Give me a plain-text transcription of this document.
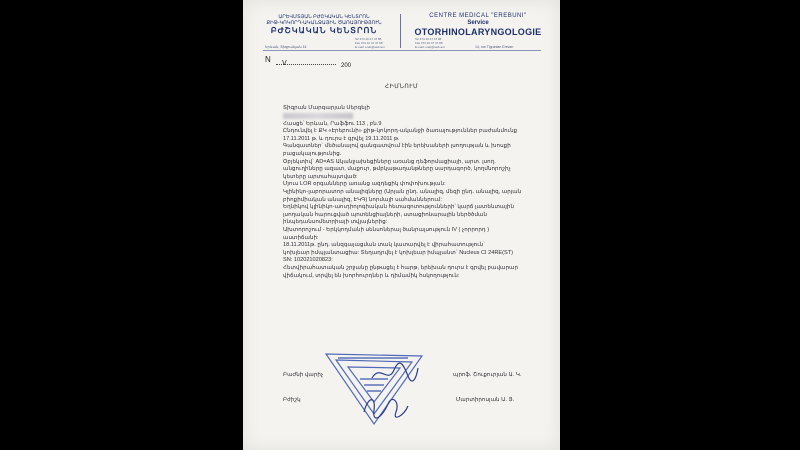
ԱՐԵՎՄՏՅԱՆ ԲԺՇԿԱԿԱՆ ԿԵՆՏՐՈՆ
ՔԻԹ-ԿՈԿՈՐԴ-ԱԿԱՆՋԱՅԻՆ ԾԱՌԱՅՈՒԹՅՈՒՆ
ԲԺՇԿԱԿԱՆ ԿԵՆՏՐՈՆ
CENTRE MEDICAL "EREBUNI"
Service
OTORHINOLARYNGOLOGIE
Tel 374 10 47 47 88
Fax 374 10 47 47 88
E-mail: ereb@web.am
Tel 374 10 47 47 88
Fax 374 10 47 47 88
E-mail: ereb@web.am
Երևան, Տիգրանյան 14	14, rue Tigranian Erevan
N V	200
ՀԻՄՆՈՒՄ

Տիգրան Մարգարյան Սերգեյի

Հասցե՝ Երևան, Րաֆֆու 113 , բն.9

Ընդունվել է ՔԿ «Էրեբունի» քիթ-կոկորդ-ականջի ծառայություններ բաժանմունք

17.11.2011 թ. և դուրս է գրվել 19.11.2011 թ.

Գանգատներ` մեծանալով գանգատվում էին երեխաների լսողության և խոսքի

բացակայությունից.

Օբյեկտիվ` AD=AS Ականջախեցիները առանց դեֆորմացիայի, արտ. լսող.

անցուղիները ազատ, մաքուր, թմբկաթաղանթները սարդագործ, կողմնորոշիչ

կետերը արտահայտված:

Մյուս LOR օրգանները առանց ազդեցիկ փոփոխության:

Կլինիկո-լաբորատոր անալիզները (Արյան ընդ. անալիզ, մեզի ընդ. անալիզ, արյան

բիոքիմիական անալիզ, ԷԿԳ) նորմայի սահմաններում:

Եղնիկով կլինիկո-աուդիոլոգիական հետազոտությունների՝ կարճ լատենտային

լսողական հարուցված պոտենցիալների, ստացիոնարային ներծծման

ինպեդանսոմետրիայի տվյալներից:

Ախտորոշում - Երկկողմանի սենսոներալ ծանրալսություն IV ( չորրորդ )

աստիճանի:

18.11.2011թ. ընդ. անզգայացման տակ կատարվել է վիրահատություն`

կոխլեար իմպլանտացիա: Տեղադրվել է կոխլեար իմպլանտ` Nucleus CI 24RE(ST)

SN: 102021020823:

Հետվիրահատական շրջանը ընթացել է հարթ, երեխան դուրս է գրվել բավարար

վիճակում, տրվել են խորհուրդներ և դիմամիկ հսկողություն:

Բաժնի վարիչ	պրոֆ. Շուքուրյան Ա. Կ.
Բժիշկ	Մարտիրոսյան Ա. Յ.
